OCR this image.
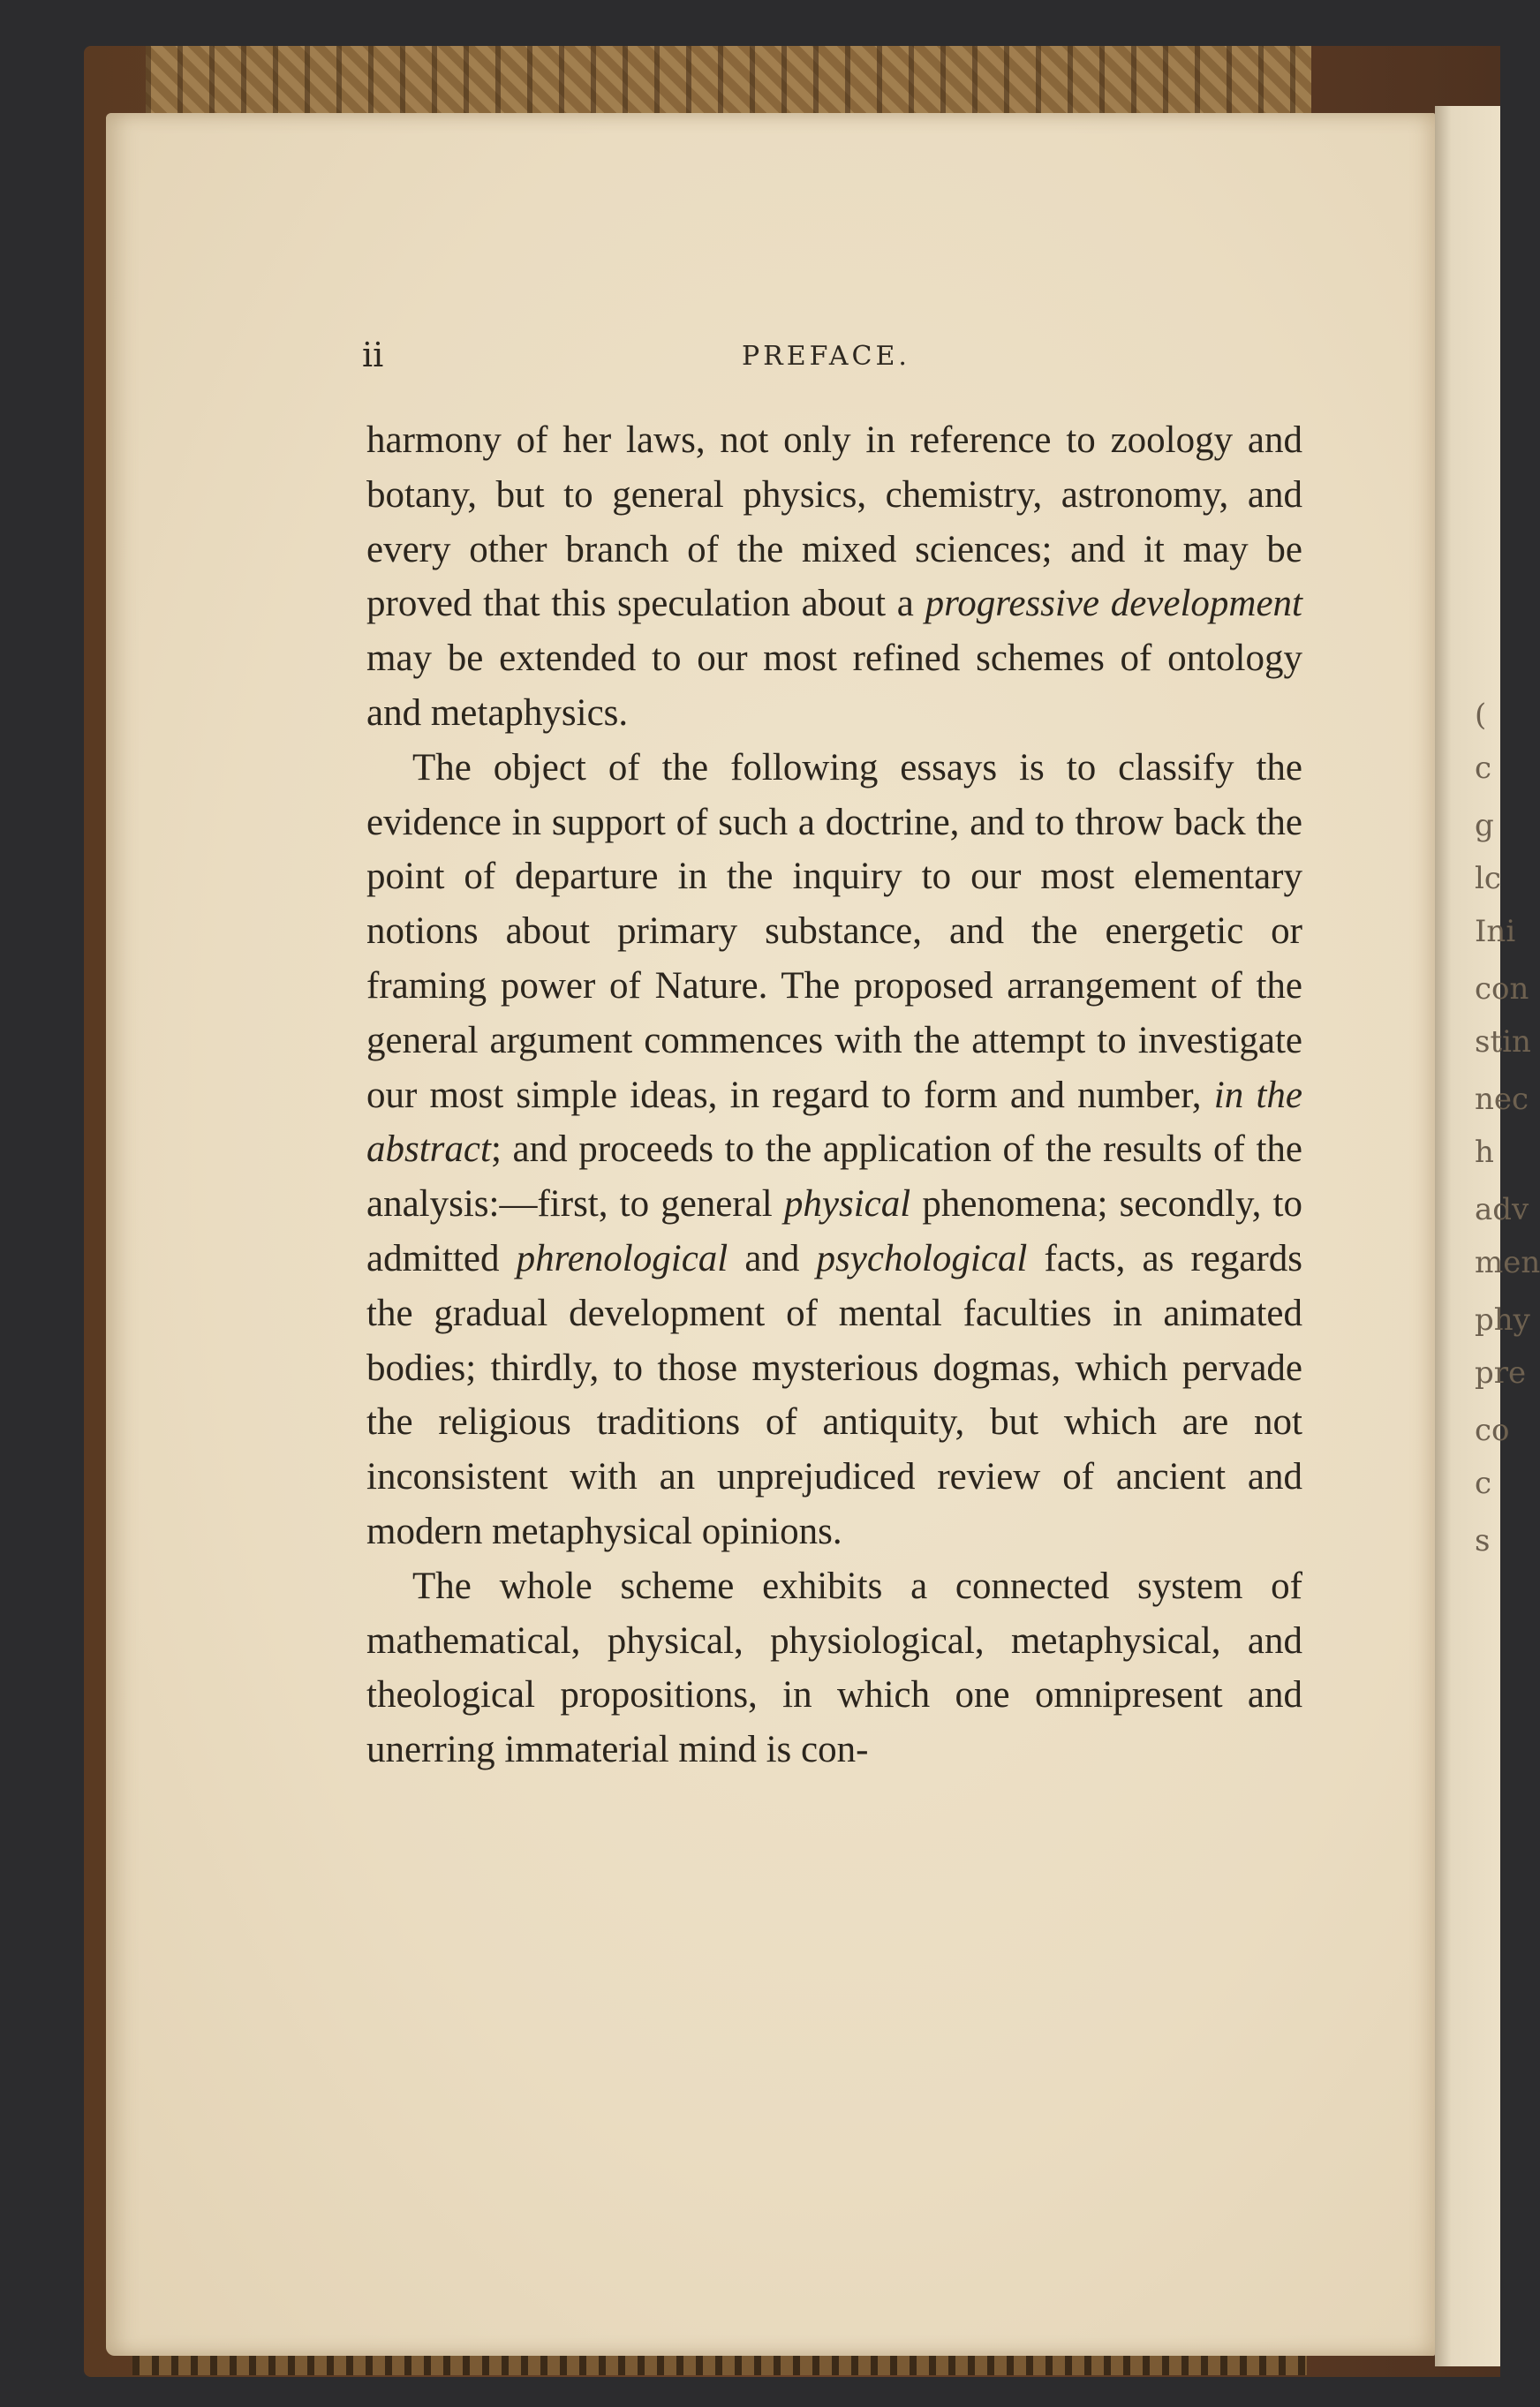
(
c
g
lc
Ini
con
stin
nec
h
adv
men
phy
pre
co
c
s
ii	PREFACE.

harmony of her laws, not only in reference to zoology and botany, but to general physics, chemistry, astronomy, and every other branch of the mixed sciences; and it may be proved that this speculation about a progressive development may be extended to our most refined schemes of ontology and metaphysics.

The object of the following essays is to classify the evidence in support of such a doctrine, and to throw back the point of departure in the inquiry to our most elementary notions about primary substance, and the energetic or framing power of Nature. The proposed arrangement of the general argument commences with the attempt to investigate our most simple ideas, in regard to form and number, in the abstract; and proceeds to the application of the results of the analysis:—first, to general physical phenomena; secondly, to admitted phrenological and psychological facts, as regards the gradual development of mental faculties in animated bodies; thirdly, to those mysterious dogmas, which pervade the religious traditions of antiquity, but which are not inconsistent with an unprejudiced review of ancient and modern metaphysical opinions.

The whole scheme exhibits a connected system of mathematical, physical, physiological, metaphysical, and theological propositions, in which one omnipresent and unerring immaterial mind is con-
